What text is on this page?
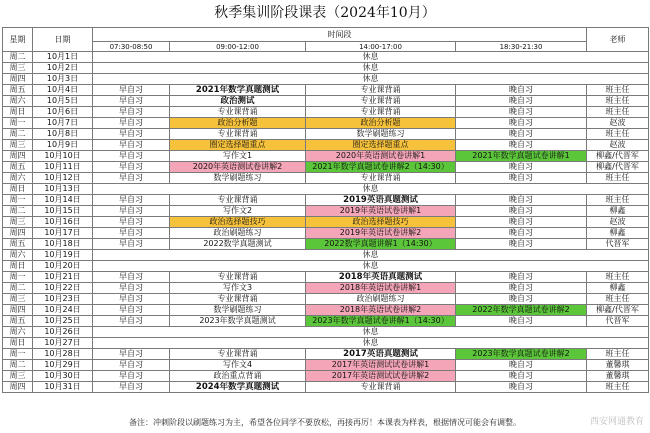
秋季集训阶段课表（2024年10月）
星期	日期	时间段				老师
		07:30-08:50	09:00-12:00	14:00-17:00	18:30-21:30	
周二	10月1日	休息				
周三	10月2日	休息				
周四	10月3日	休息				
周五	10月4日	早自习	2021年数学真题测试	专业课背诵	晚自习	班主任
周六	10月5日	早自习	政治测试	专业课背诵	晚自习	班主任
周日	10月6日	早自习	专业课背诵	专业课背诵	晚自习	班主任
周一	10月7日	早自习	政治分析题	政治分析题	晚自习	赵波
周二	10月8日	早自习	专业课背诵	数学刷题练习	晚自习	班主任
周三	10月9日	早自习	圈定选择题重点	圈定选择题重点	晚自习	赵波
周四	10月10日	早自习	写作文1	2020年英语测试卷讲解1	2021年数学真题试卷讲解1	柳鑫/代晋军
周五	10月11日	早自习	2020年英语测试卷讲解2	2021年数学真题试卷讲解2（14:30）	晚自习	柳鑫/代晋军
周六	10月12日	早自习	数学刷题练习	专业课背诵	晚自习	班主任
周日	10月13日	休息				
周一	10月14日	早自习	专业课背诵	2019英语真题测试	晚自习	班主任
周二	10月15日	早自习	写作文2	2019年英语试卷讲解1	晚自习	柳鑫
周三	10月16日	早自习	政治选择题技巧	政治选择题技巧	晚自习	赵波
周四	10月17日	早自习	政治刷题练习	2019年英语试卷讲解2	晚自习	柳鑫
周五	10月18日	早自习	2022数学真题测试	2022数学真题讲解1（14:30）	晚自习	代晋军
周六	10月19日	休息				
周日	10月20日	休息				
周一	10月21日	早自习	专业课背诵	2018年英语真题测试	晚自习	班主任
周二	10月22日	早自习	写作文3	2018年英语试卷讲解1	晚自习	柳鑫
周三	10月23日	早自习	专业课背诵	政治刷题练习	晚自习	班主任
周四	10月24日	早自习	数学刷题练习	2018年英语试卷讲解2	2022年数学真题试卷讲解2	柳鑫/代晋军
周五	10月25日	早自习	2023年数学真题测试	2023年数学真题试卷讲解1（14:30）	晚自习	代晋军
周六	10月26日	休息				
周日	10月27日	休息				
周一	10月28日	早自习	专业课背诵	2017英语真题测试	2023年数学真题试卷讲解2	班主任
周二	10月29日	早自习	写作文4	2017年英语测试试卷讲解1	晚自习	董馨琪
周三	10月30日	早自习	政治重点背诵	2017年英语测试试卷讲解2	晚自习	董馨琪
周四	10月31日	早自习	2024年数学真题测试	专业课背诵	晚自习	班主任
备注：冲刺阶段以刷题练习为主，希望各位同学不要放松，再接再厉！本课表为样表，根据情况可能会有调整。	西安网通教育
